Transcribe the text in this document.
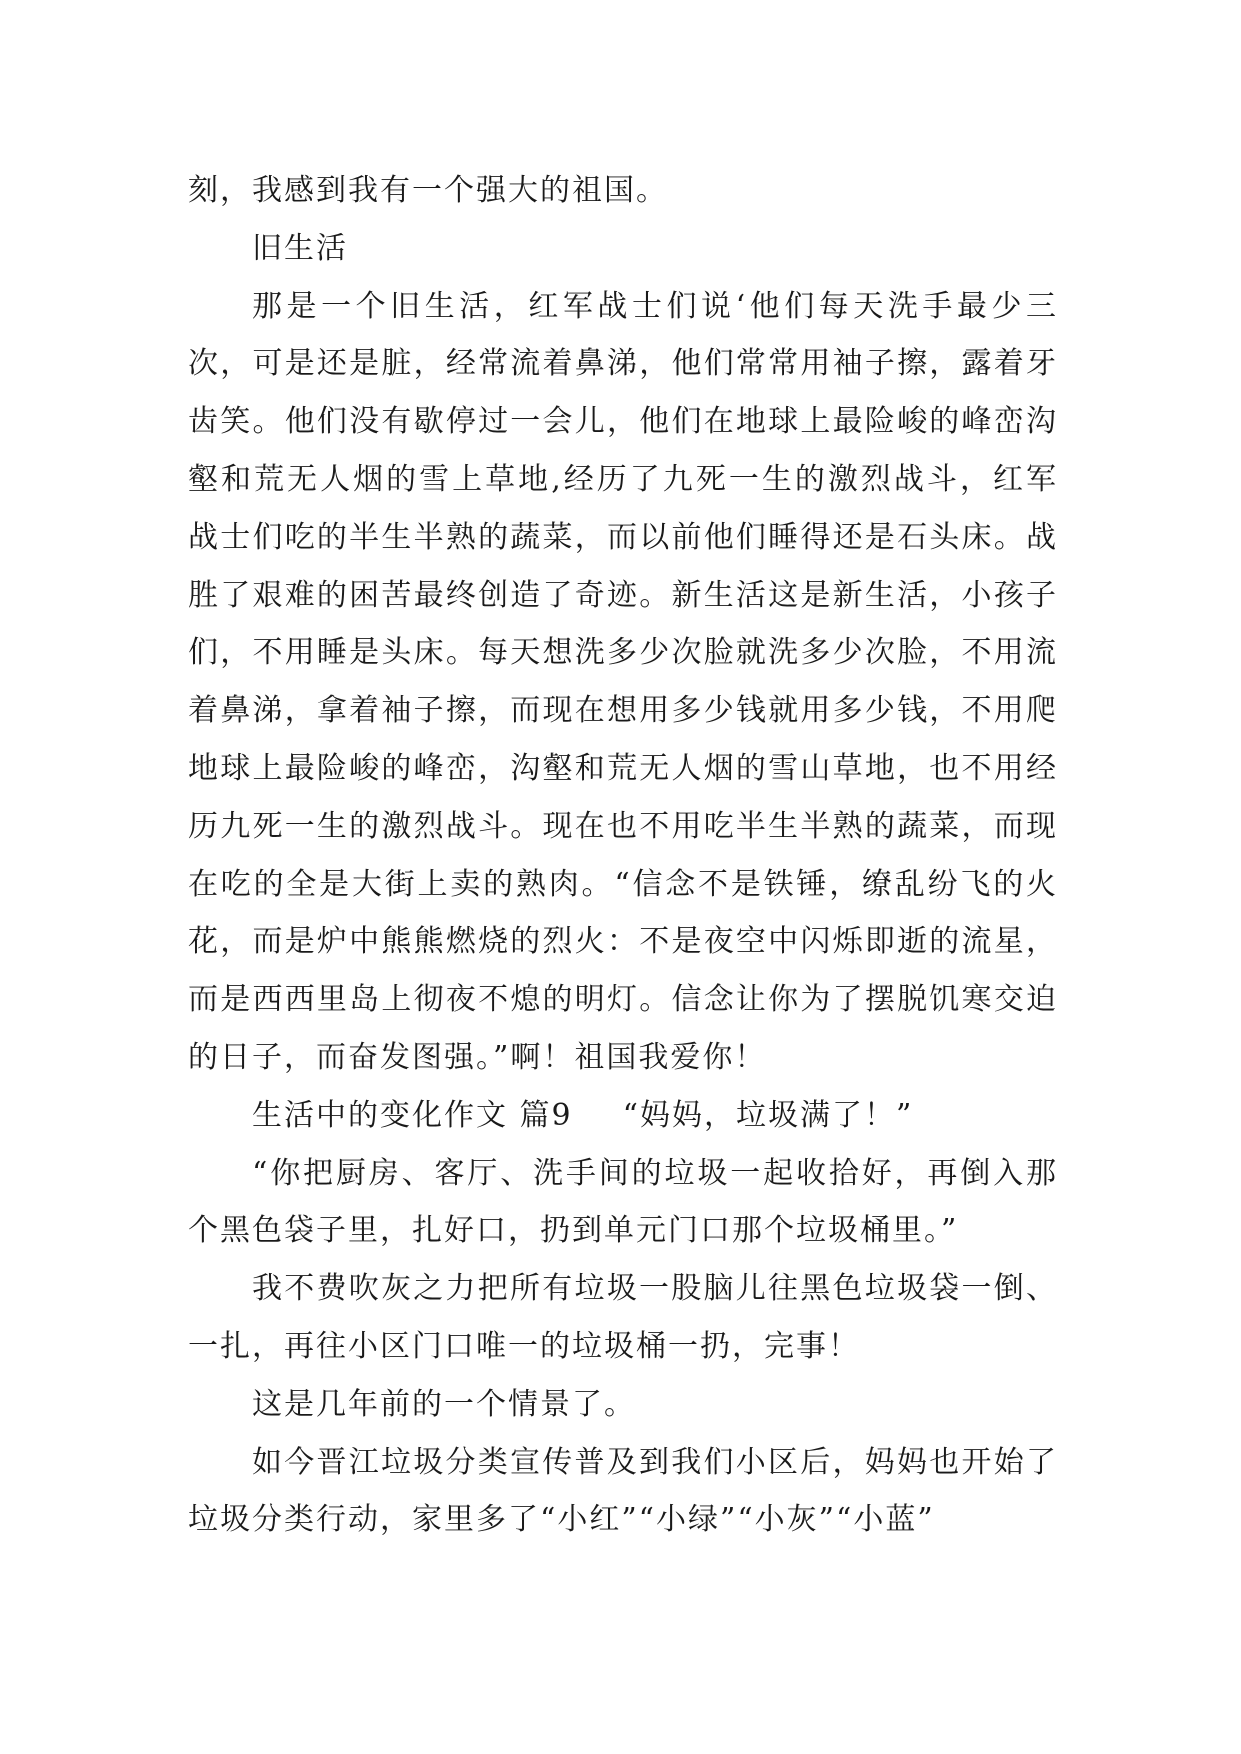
刻，我感到我有一个强大的祖国。

旧生活

那是一个旧生活，红军战士们说‘他们每天洗手最少三次，可是还是脏，经常流着鼻涕，他们常常用袖子擦，露着牙齿笑。他们没有歇停过一会儿，他们在地球上最险峻的峰峦沟壑和荒无人烟的雪上草地,经历了九死一生的激烈战斗，红军战士们吃的半生半熟的蔬菜，而以前他们睡得还是石头床。战胜了艰难的困苦最终创造了奇迹。新生活这是新生活，小孩子们，不用睡是头床。每天想洗多少次脸就洗多少次脸，不用流着鼻涕，拿着袖子擦，而现在想用多少钱就用多少钱，不用爬地球上最险峻的峰峦，沟壑和荒无人烟的雪山草地，也不用经历九死一生的激烈战斗。现在也不用吃半生半熟的蔬菜，而现在吃的全是大街上卖的熟肉。“信念不是铁锤，缭乱纷飞的火花，而是炉中熊熊燃烧的烈火：不是夜空中闪烁即逝的流星，而是西西里岛上彻夜不熄的明灯。信念让你为了摆脱饥寒交迫的日子，而奋发图强。”啊！祖国我爱你！

生活中的变化作文 篇9 “妈妈，垃圾满了！”

“你把厨房、客厅、洗手间的垃圾一起收拾好，再倒入那个黑色袋子里，扎好口，扔到单元门口那个垃圾桶里。”

我不费吹灰之力把所有垃圾一股脑儿往黑色垃圾袋一倒、一扎，再往小区门口唯一的垃圾桶一扔，完事！

这是几年前的一个情景了。

如今晋江垃圾分类宣传普及到我们小区后，妈妈也开始了垃圾分类行动，家里多了“小红”“小绿”“小灰”“小蓝”
